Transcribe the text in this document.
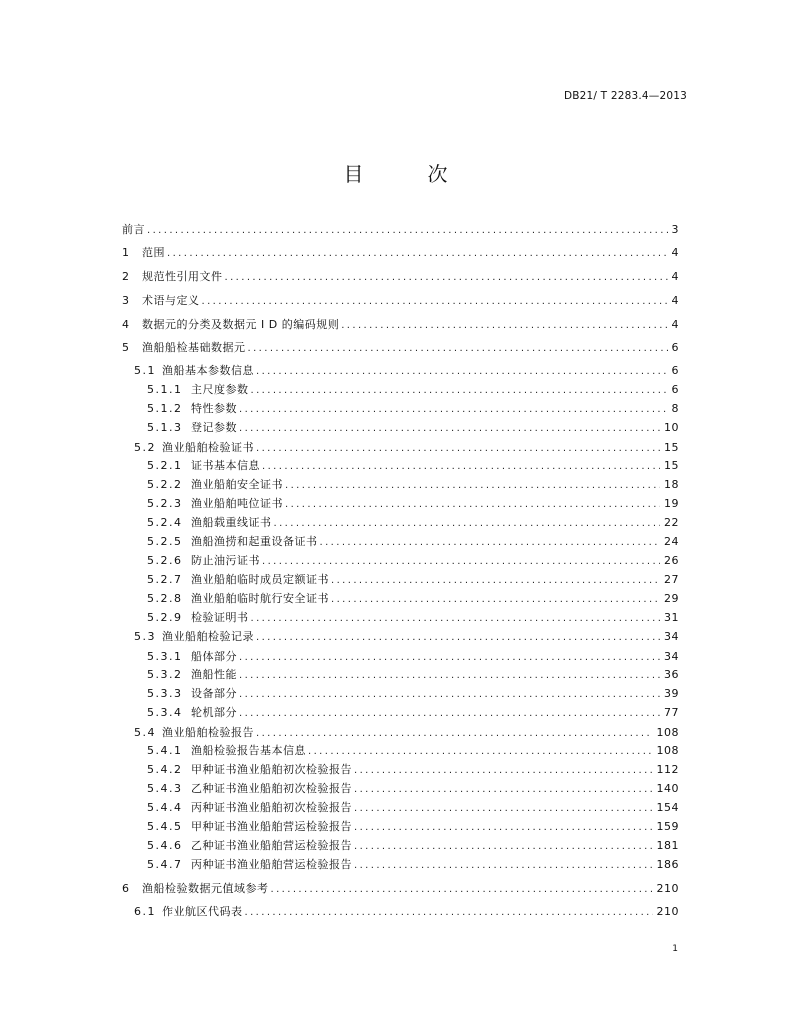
DB21/ T 2283.4—2013
目　次
前言 .....	3
1	范围 .....	4
2	规范性引用文件 .....	4
3	术语与定义 .....	4
4	数据元的分类及数据元 I D 的编码规则 .....	4
5	渔船船检基础数据元 .....	6
5.1 渔船基本参数信息 .....	6
5.1.1 主尺度参数 .....	6
5.1.2 特性参数 .....	8
5.1.3 登记参数 .....	10
5.2 渔业船舶检验证书 .....	15
5.2.1 证书基本信息 .....	15
5.2.2 渔业船舶安全证书 .....	18
5.2.3 渔业船舶吨位证书 .....	19
5.2.4 渔船载重线证书 .....	22
5.2.5 渔船渔捞和起重设备证书 .....	24
5.2.6 防止油污证书 .....	26
5.2.7 渔业船舶临时成员定额证书 .....	27
5.2.8 渔业船舶临时航行安全证书 .....	29
5.2.9 检验证明书 .....	31
5.3 渔业船舶检验记录 .....	34
5.3.1 船体部分 .....	34
5.3.2 渔船性能 .....	36
5.3.3 设备部分 .....	39
5.3.4 轮机部分 .....	77
5.4 渔业船舶检验报告 .....	108
5.4.1 渔船检验报告基本信息 .....	108
5.4.2 甲种证书渔业船舶初次检验报告 .....	112
5.4.3 乙种证书渔业船舶初次检验报告 .....	140
5.4.4 丙种证书渔业船舶初次检验报告 .....	154
5.4.5 甲种证书渔业船舶营运检验报告 .....	159
5.4.6 乙种证书渔业船舶营运检验报告 .....	181
5.4.7 丙种证书渔业船舶营运检验报告 .....	186
6	渔船检验数据元值域参考 .....	210
6.1 作业航区代码表 .....	210
1
